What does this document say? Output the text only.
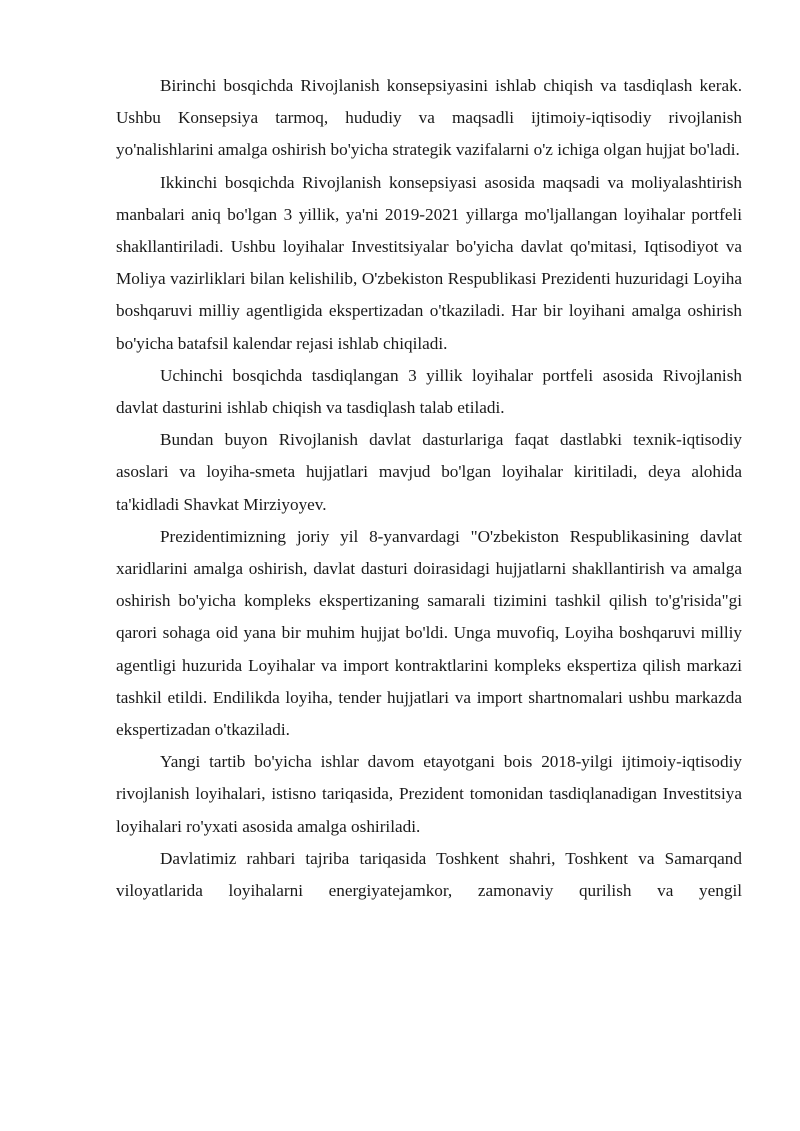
Birinchi bosqichda Rivojlanish konsepsiyasini ishlab chiqish va tasdiqlash kerak. Ushbu Konsepsiya tarmoq, hududiy va maqsadli ijtimoiy-iqtisodiy rivojlanish yo'nalishlarini amalga oshirish bo'yicha strategik vazifalarni o'z ichiga olgan hujjat bo'ladi.

Ikkinchi bosqichda Rivojlanish konsepsiyasi asosida maqsadi va moliyalashtirish manbalari aniq bo'lgan 3 yillik, ya'ni 2019-2021 yillarga mo'ljallangan loyihalar portfeli shakllantiriladi. Ushbu loyihalar Investitsiyalar bo'yicha davlat qo'mitasi, Iqtisodiyot va Moliya vazirliklari bilan kelishilib, O'zbekiston Respublikasi Prezidenti huzuridagi Loyiha boshqaruvi milliy agentligida ekspertizadan o'tkaziladi. Har bir loyihani amalga oshirish bo'yicha batafsil kalendar rejasi ishlab chiqiladi.

Uchinchi bosqichda tasdiqlangan 3 yillik loyihalar portfeli asosida Rivojlanish davlat dasturini ishlab chiqish va tasdiqlash talab etiladi.

Bundan buyon Rivojlanish davlat dasturlariga faqat dastlabki texnik-iqtisodiy asoslari va loyiha-smeta hujjatlari mavjud bo'lgan loyihalar kiritiladi, deya alohida ta'kidladi Shavkat Mirziyoyev.

Prezidentimizning joriy yil 8-yanvardagi "O'zbekiston Respublikasining davlat xaridlarini amalga oshirish, davlat dasturi doirasidagi hujjatlarni shakllantirish va amalga oshirish bo'yicha kompleks ekspertizaning samarali tizimini tashkil qilish to'g'risida"gi qarori sohaga oid yana bir muhim hujjat bo'ldi. Unga muvofiq, Loyiha boshqaruvi milliy agentligi huzurida Loyihalar va import kontraktlarini kompleks ekspertiza qilish markazi tashkil etildi. Endilikda loyiha, tender hujjatlari va import shartnomalari ushbu markazda ekspertizadan o'tkaziladi.

Yangi tartib bo'yicha ishlar davom etayotgani bois 2018-yilgi ijtimoiy-iqtisodiy rivojlanish loyihalari, istisno tariqasida, Prezident tomonidan tasdiqlanadigan Investitsiya loyihalari ro'yxati asosida amalga oshiriladi.

Davlatimiz rahbari tajriba tariqasida Toshkent shahri, Toshkent va Samarqand viloyatlarida loyihalarni energiyatejamkor, zamonaviy qurilish va yengil
